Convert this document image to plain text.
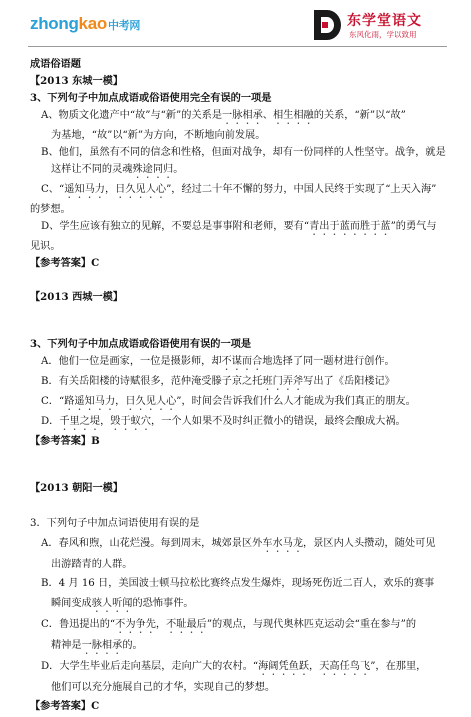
zhongkao中考网	东学堂语文
东风化雨，学以致用

成语俗语题

【2013 东城一模】

3、下列句子中加点成语或俗语使用完全有误的一项是

A、物质文化遗产中“故”与“新”的关系是一脉相承、相生相融的关系，“新”以“故”

为基地，“故”以“新”为方向，不断地向前发展。

B、他们，虽然有不同的信念和性格，但面对战争，却有一份同样的人性坚守。战争，就是

这样让不同的灵魂殊途同归。

C、“遥知马力，日久见人心”，经过二十年不懈的努力，中国人民终于实现了“上天入海”

的梦想。

D、学生应该有独立的见解，不要总是事事附和老师，要有“青出于蓝而胜于蓝”的勇气与

见识。

【参考答案】C

【2013 西城一模】

3、下列句子中加点成语或俗语使用有误的一项是

A．他们一位是画家，一位是摄影师，却不谋而合地选择了同一题材进行创作。

B．有关岳阳楼的诗赋很多，范仲淹受滕子京之托班门弄斧写出了《岳阳楼记》

C．“路遥知马力，日久见人心”，时间会告诉我们什么人才能成为我们真正的朋友。

D．千里之堤，毁于蚁穴，一个人如果不及时纠正微小的错误，最终会酿成大祸。

【参考答案】B

【2013 朝阳一模】

3．下列句子中加点词语使用有误的是

A．春风和煦，山花烂漫。每到周末，城郊景区外车水马龙，景区内人头攒动，随处可见

出游踏青的人群。

B．4 月 16 日，美国波士顿马拉松比赛终点发生爆炸，现场死伤近二百人，欢乐的赛事

瞬间变成骇人听闻的恐怖事件。

C．鲁迅提出的“不为争先，不耻最后”的观点，与现代奥林匹克运动会“重在参与”的

精神是一脉相承的。

D．大学生毕业后走向基层，走向广大的农村。“海阔凭鱼跃，天高任鸟飞”，在那里，

他们可以充分施展自己的才华，实现自己的梦想。

【参考答案】C
